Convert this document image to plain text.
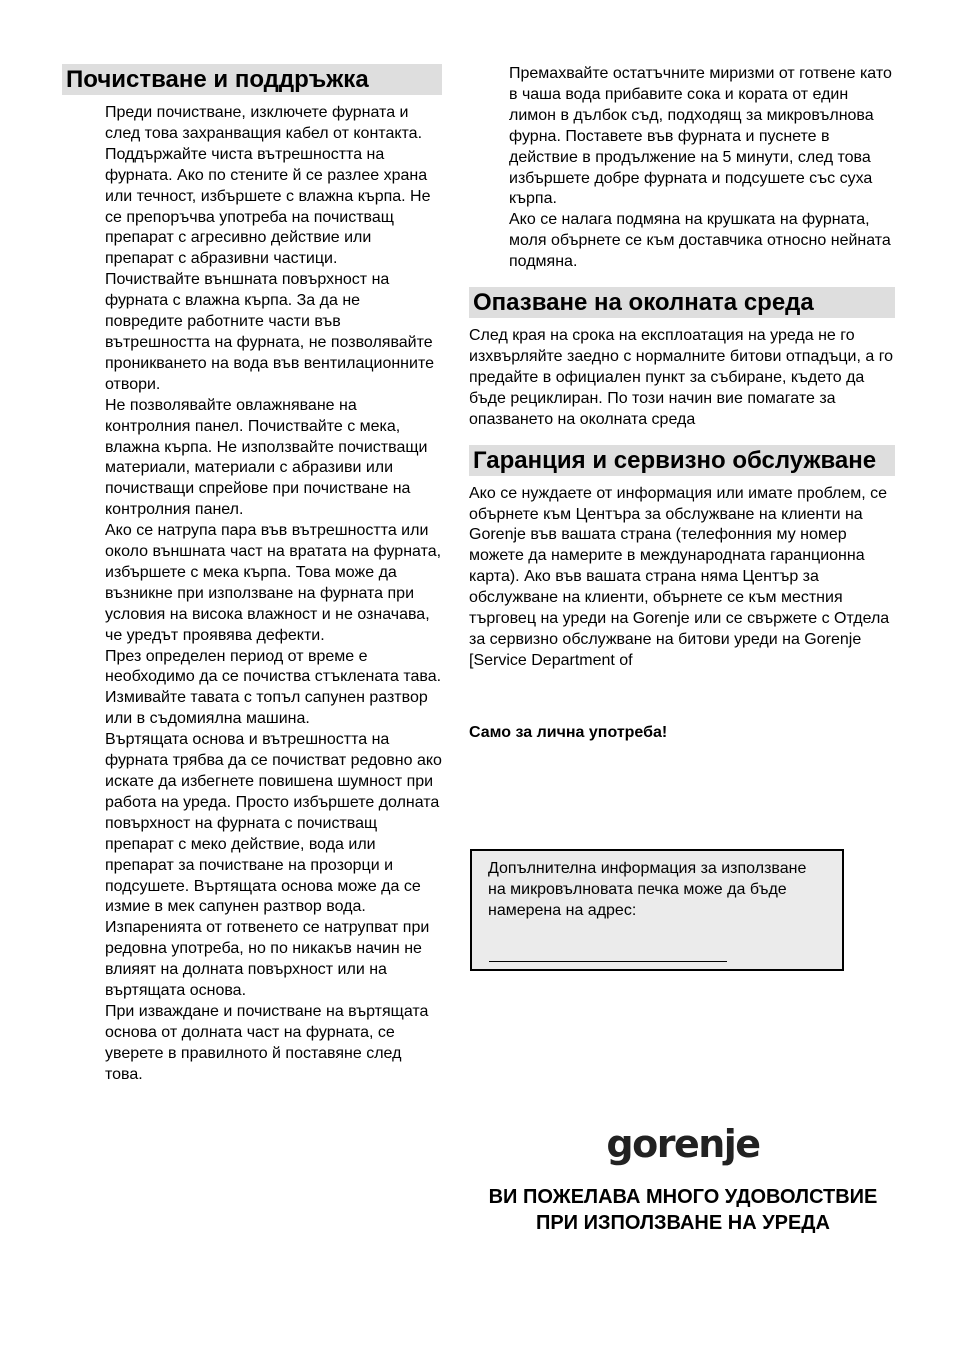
Почистване и поддръжка

Преди почистване, изключете фурната и след това захранващия кабел от контакта.

Поддържайте чиста вътрешността на фурната. Ако по стените й се разлее храна или течност, избършете с влажна кърпа. Не се препоръчва употреба на почистващ препарат с агресивно действие или препарат с абразивни частици.

Почиствайте външната повърхност на фурната с влажна кърпа. За да не повредите работните части във вътрешността на фурната, не позволявайте проникването на вода във вентилационните отвори.

Не позволявайте овлажняване на контролния панел. Почиствайте с мека, влажна кърпа. Не използвайте почистващи материали, материали с абразиви или почистващи спрейове при почистване на контролния панел.

Ако се натрупа пара във вътрешността или около външната част на вратата на фурната, избършете с мека кърпа. Това може да възникне при използване на фурната при условия на висока влажност и не означава, че уредът проявява дефекти.

През определен период от време е необходимо да се почиства стъклената тава. Измивайте тавата с топъл сапунен разтвор или в съдомиялна машина.

Въртящата основа и вътрешността на фурната трябва да се почистват редовно ако искате да избегнете повишена шумност при работа на уреда. Просто избършете долната повърхност на фурната с почистващ препарат с меко действие, вода или препарат за почистване на прозорци и подсушете. Въртящата основа може да се измие в мек сапунен разтвор вода. Изпаренията от готвенето се натрупват при редовна употреба, но по никакъв начин не влияят на долната повърхност или на въртящата основа.

При изваждане и почистване на въртящата основа от долната част на фурната, се уверете в правилното й поставяне след това.

Премахвайте остатъчните миризми от готвене като в чаша вода прибавите сока и кората от един лимон в дълбок съд, подходящ за микровълнова фурна. Поставете във фурната и пуснете в действие в продължение на 5 минути, след това избършете добре фурната и подсушете със суха кърпа.

Ако се налага подмяна на крушката на фурната, моля обърнете се към доставчика относно нейната подмяна.

Опазване на околната среда

След края на срока на експлоатация на уреда не го изхвърляйте заедно с нормалните битови отпадъци, а го предайте в официален пункт за събиране, където да бъде рециклиран. По този начин вие помагате за опазването на околната среда

Гаранция и сервизно обслужване

Ако се нуждаете от информация или имате проблем, се обърнете към Центъра за обслужване на клиенти на Gorenje във вашата страна (телефонния му номер можете да намерите в международната гаранционна карта). Ако във вашата страна няма Център за обслужване на клиенти, обърнете се към местния търговец на уреди на Gorenje или се свържете с Отдела за сервизно обслужване на битови уреди на Gorenje [Service Department of

Само за лична употреба!
Допълнителна информация за използване на микровълновата печка може да бъде намерена на адрес:
gorenje
ВИ ПОЖЕЛАВА МНОГО УДОВОЛСТВИЕ ПРИ ИЗПОЛЗВАНЕ НА УРЕДА
